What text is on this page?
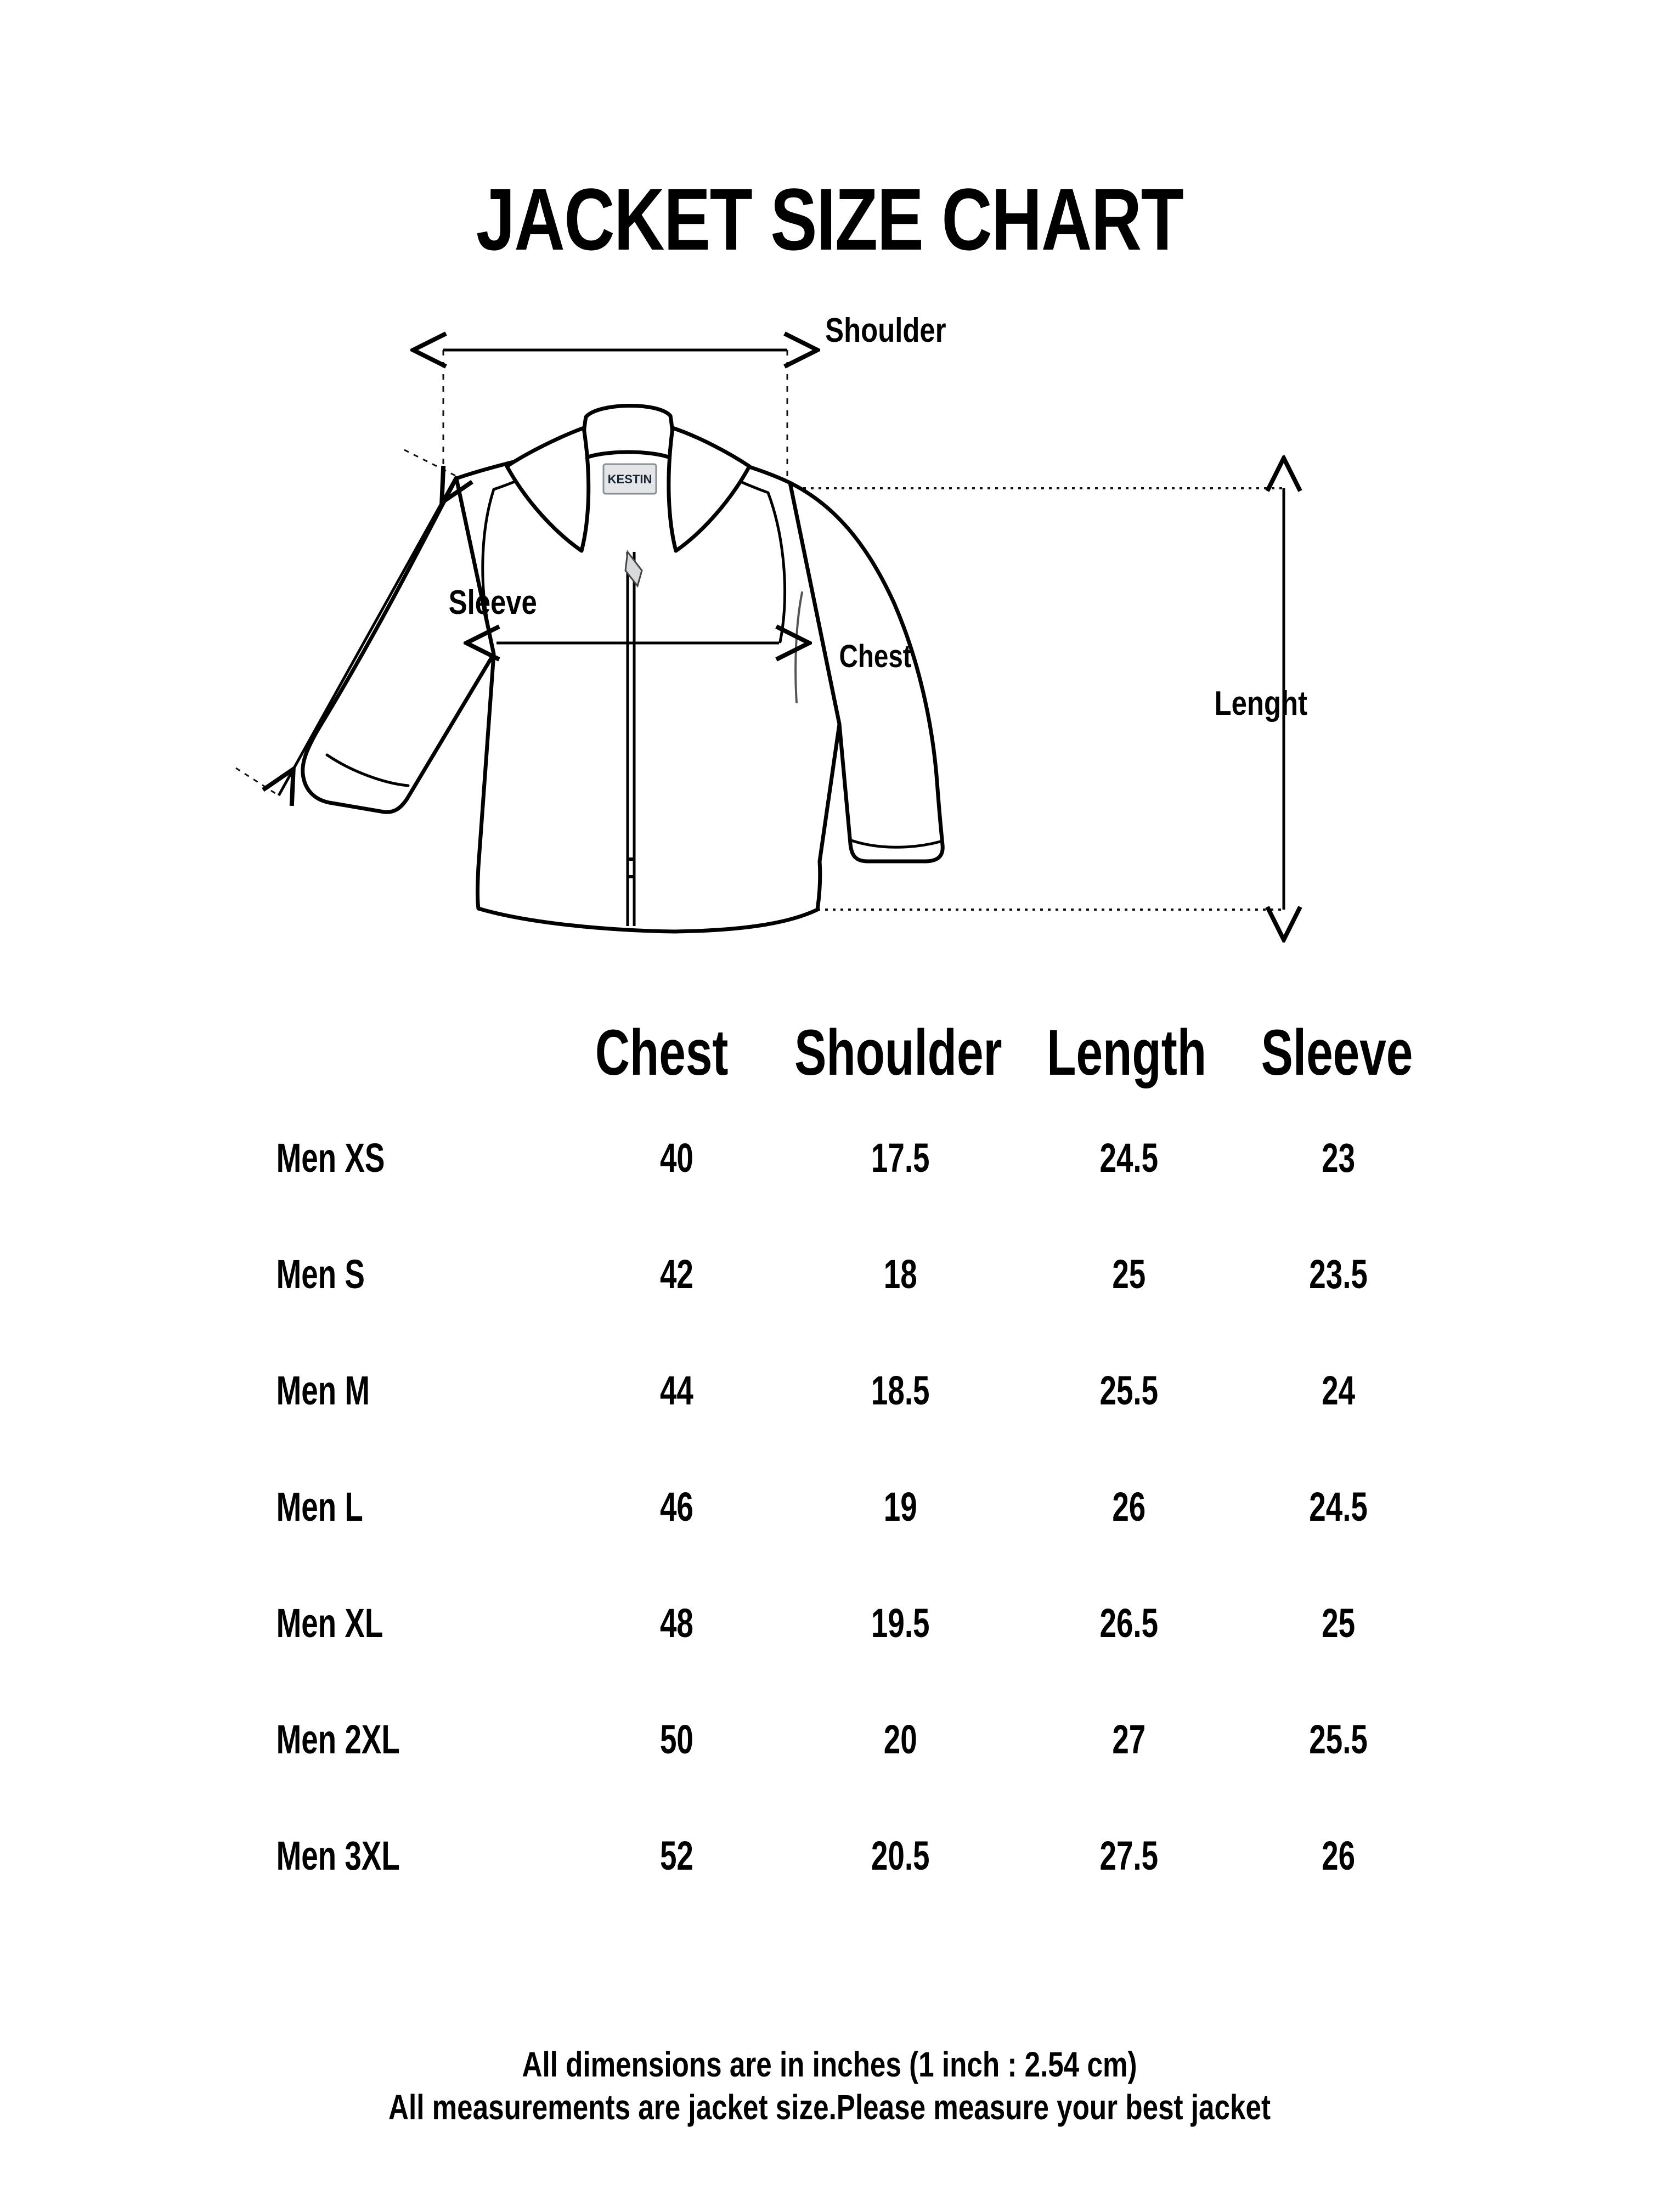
JACKET SIZE CHART
KESTIN
Shoulder
Sleeve
Chest
Lenght
Chest Shoulder Length Sleeve
Men XS	40	17.5	24.5	23
Men S	42	18	25	23.5
Men M	44	18.5	25.5	24
Men L	46	19	26	24.5
Men XL	48	19.5	26.5	25
Men 2XL	50	20	27	25.5
Men 3XL	52	20.5	27.5	26
All dimensions are in inches (1 inch : 2.54 cm)
All measurements are jacket size.Please measure your best jacket
